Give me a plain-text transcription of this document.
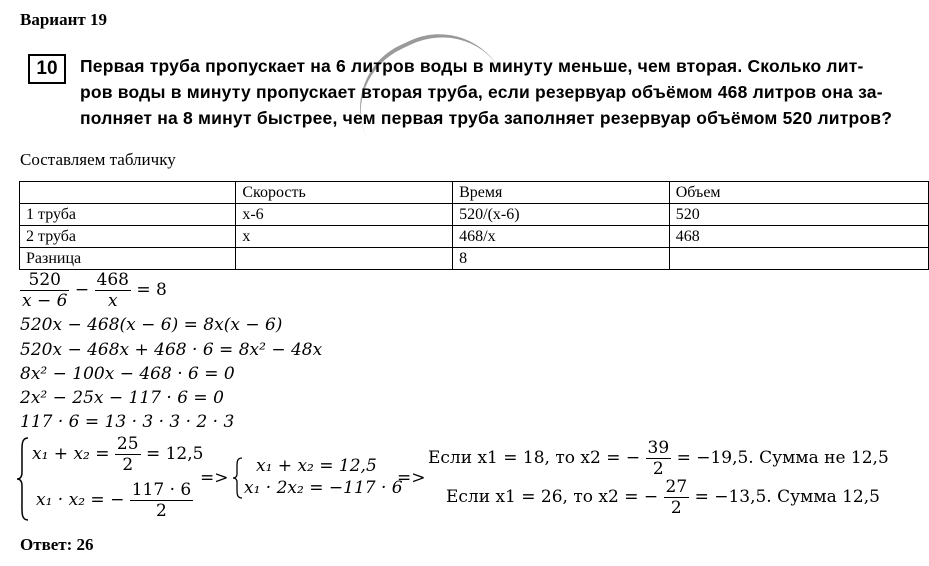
Вариант 19
10	Первая труба пропускает на 6 литров воды в минуту меньше, чем вторая. Сколько лит-
ров воды в минуту пропускает вторая труба, если резервуар объёмом 468 литров она за-
полняет на 8 минут быстрее, чем первая труба заполняет резервуар объёмом 520 литров?
Составляем табличку
	Скорость	Время	Объем
1 труба	x-6	520/(x-6)	520
2 труба	x	468/x	468
Разница		8	
$\frac{520}{x - 6} - \frac{468}{x} = 8$
520x − 468(x − 6) = 8x(x − 6)
520x − 468x + 468 · 6 = 8x² − 48x
8x² − 100x − 468 · 6 = 0
2x² − 25x − 117 · 6 = 0
117 · 6 = 13 · 3 · 3 · 2 · 3
$x_1 + x_2 = \frac{25}{2} = 12,5$
x₁ · x₂ = − $\frac{117 \cdot 6}{2}$
=>
x₁ + x₂ = 12,5
x₁ · 2x₂ = −117 · 6
=>
Если x1 = 18, то x2 = − $\frac{39}{2} = -19,5$. Сумма не 12,5
Если x1 = 26, то x2 = − $\frac{27}{2} = -13,5$. Сумма 12,5
Ответ: 26
